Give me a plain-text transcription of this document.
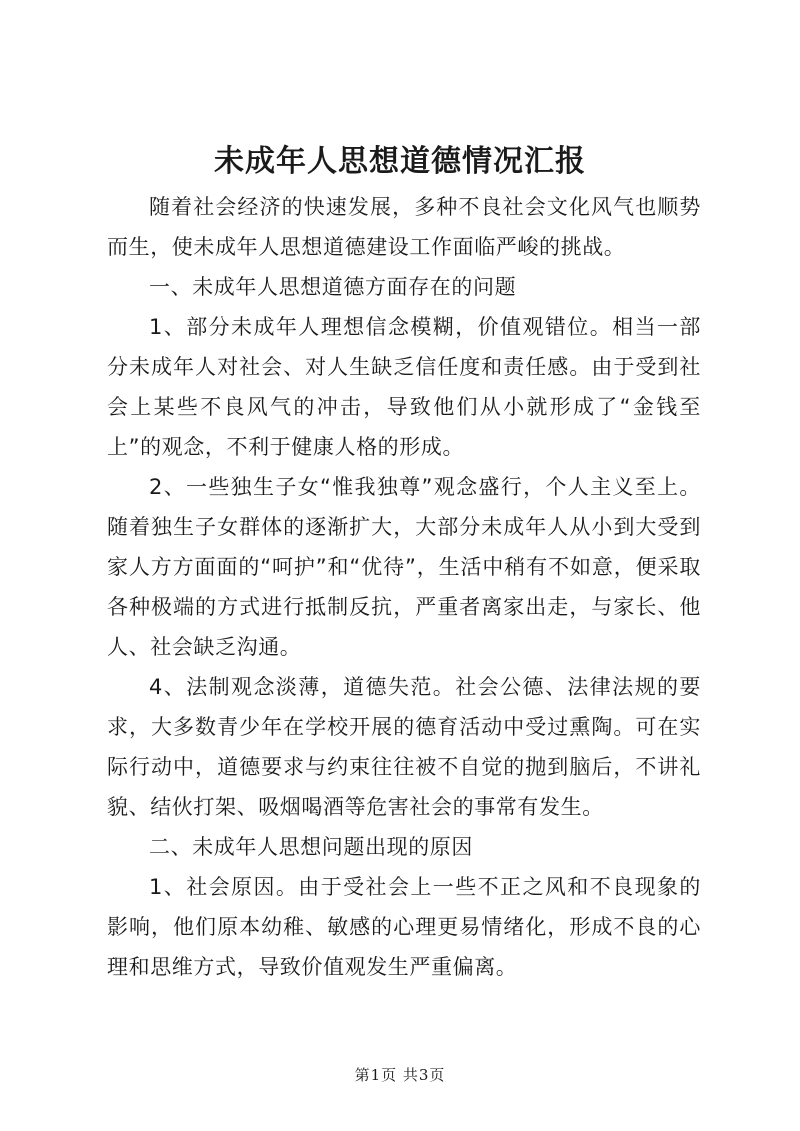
未成年人思想道德情况汇报

随着社会经济的快速发展，多种不良社会文化风气也顺势而生，使未成年人思想道德建设工作面临严峻的挑战。

一、未成年人思想道德方面存在的问题

1、部分未成年人理想信念模糊，价值观错位。相当一部分未成年人对社会、对人生缺乏信任度和责任感。由于受到社会上某些不良风气的冲击，导致他们从小就形成了“金钱至上”的观念，不利于健康人格的形成。

2、一些独生子女“惟我独尊”观念盛行，个人主义至上。随着独生子女群体的逐渐扩大，大部分未成年人从小到大受到家人方方面面的“呵护”和“优待”，生活中稍有不如意，便采取各种极端的方式进行抵制反抗，严重者离家出走，与家长、他人、社会缺乏沟通。

4、法制观念淡薄，道德失范。社会公德、法律法规的要求，大多数青少年在学校开展的德育活动中受过熏陶。可在实际行动中，道德要求与约束往往被不自觉的抛到脑后，不讲礼貌、结伙打架、吸烟喝酒等危害社会的事常有发生。

二、未成年人思想问题出现的原因

1、社会原因。由于受社会上一些不正之风和不良现象的影响，他们原本幼稚、敏感的心理更易情绪化，形成不良的心理和思维方式，导致价值观发生严重偏离。

第1页 共3页
